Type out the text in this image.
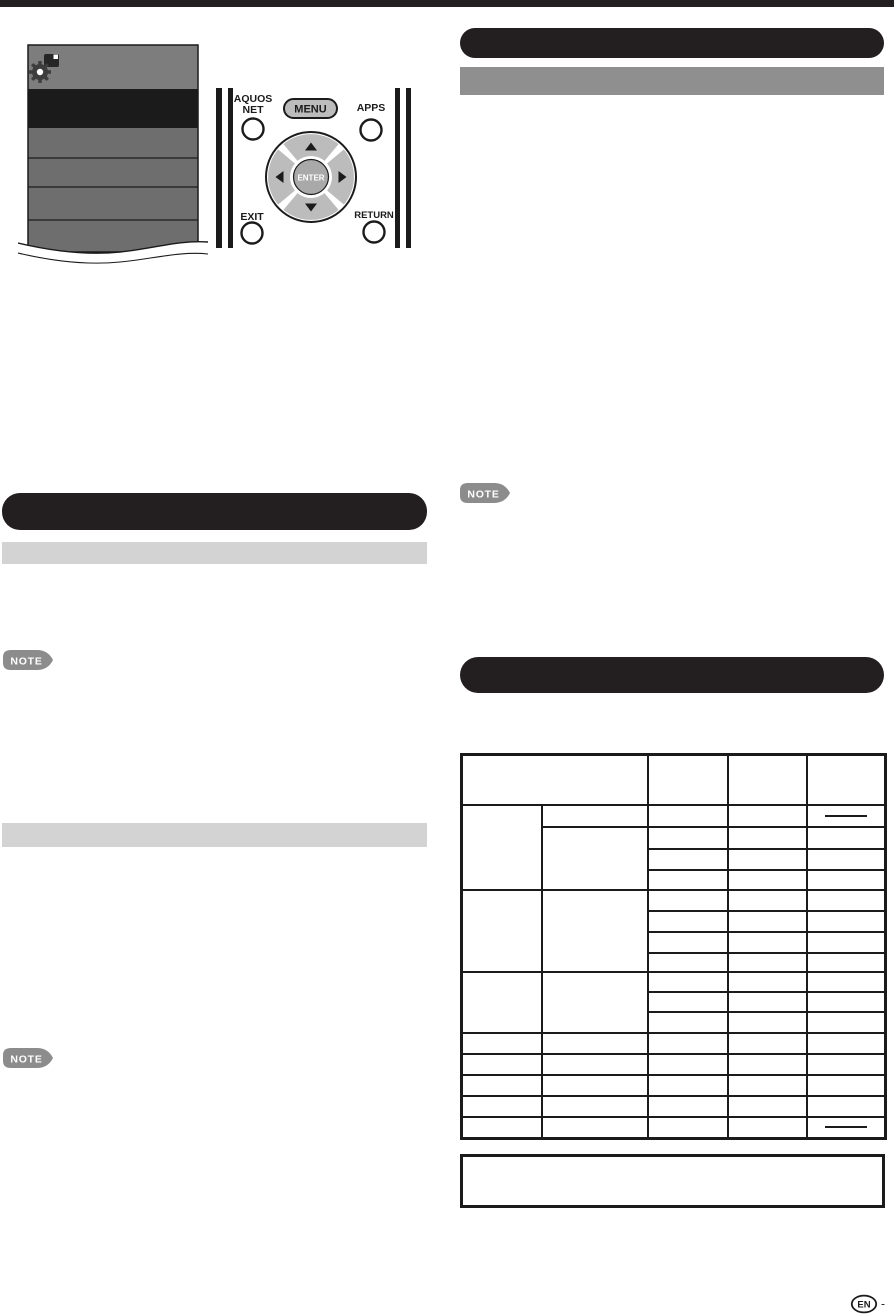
AQUOS
NET	MENU	APPS
ENTER
EXIT	RETURN
NOTE
NOTE
NOTE

EN -
